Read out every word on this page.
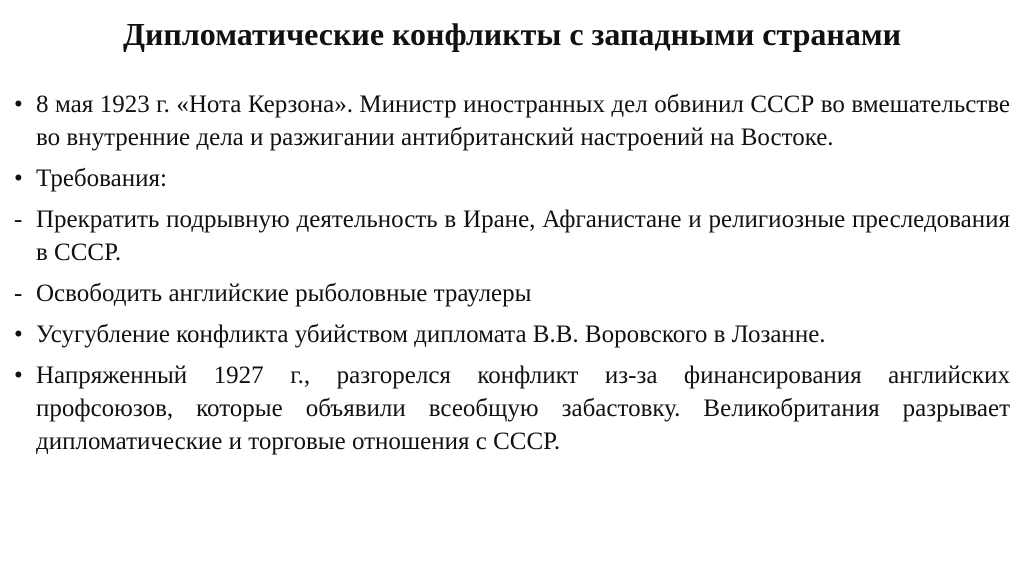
Дипломатические конфликты с западными странами
• 8 мая 1923 г. «Нота Керзона». Министр иностранных дел обвинил СССР во вмешательстве во внутренние дела и разжигании антибританский настроений на Востоке.
• Требования:
- Прекратить подрывную деятельность в Иране, Афганистане и религиозные преследования в СССР.
- Освободить английские рыболовные траулеры
• Усугубление конфликта убийством дипломата В.В. Воровского в Лозанне.
• Напряженный 1927 г., разгорелся конфликт из-за финансирования английских профсоюзов, которые объявили всеобщую забастовку. Великобритания разрывает дипломатические и торговые отношения с СССР.
